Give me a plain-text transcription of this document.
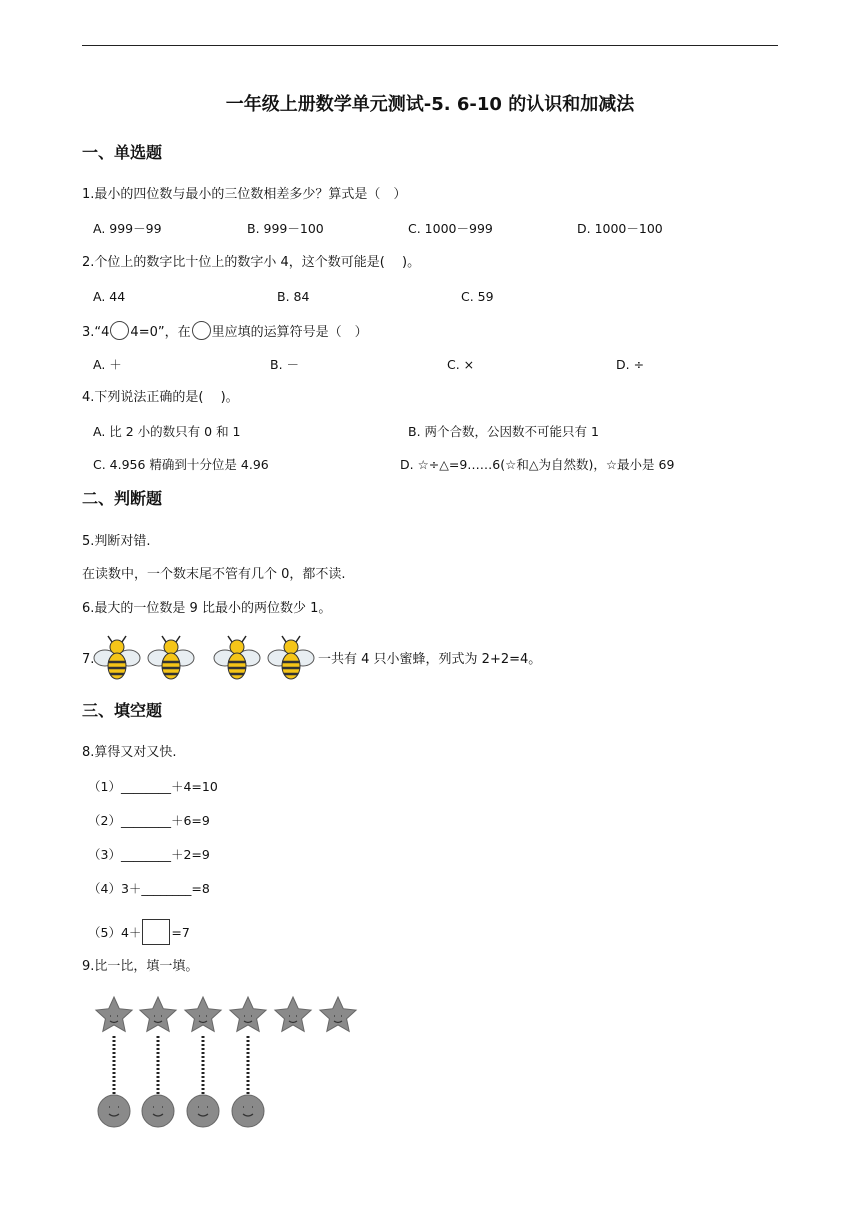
一年级上册数学单元测试-5. 6-10 的认识和加减法
一、单选题
1.最小的四位数与最小的三位数相差多少？算式是（　）
A. 999－99	B. 999－100	C. 1000－999	D. 1000－100
2.个位上的数字比十位上的数字小 4，这个数可能是(　 )。
A. 44	B. 84	C. 59
3.“4 4=0”，在 里应填的运算符号是（　）
A. ＋	B. －	C. ×	D. ÷
4.下列说法正确的是(　 )。
A. 比 2 小的数只有 0 和 1	B. 两个合数，公因数不可能只有 1
C. 4.956 精确到十分位是 4.96	D. ☆÷△=9……6(☆和△为自然数)，☆最小是 69
二、判断题
5.判断对错.
在读数中，一个数末尾不管有几个 0，都不读.
6.最大的一位数是 9 比最小的两位数少 1。
7.	一共有 4 只小蜜蜂，列式为 2+2=4。
三、填空题
8.算得又对又快.
（1）________＋4=10
（2）________＋6=9
（3）________＋2=9
（4）3＋________=8
（5）4＋ =7
9.比一比，填一填。
